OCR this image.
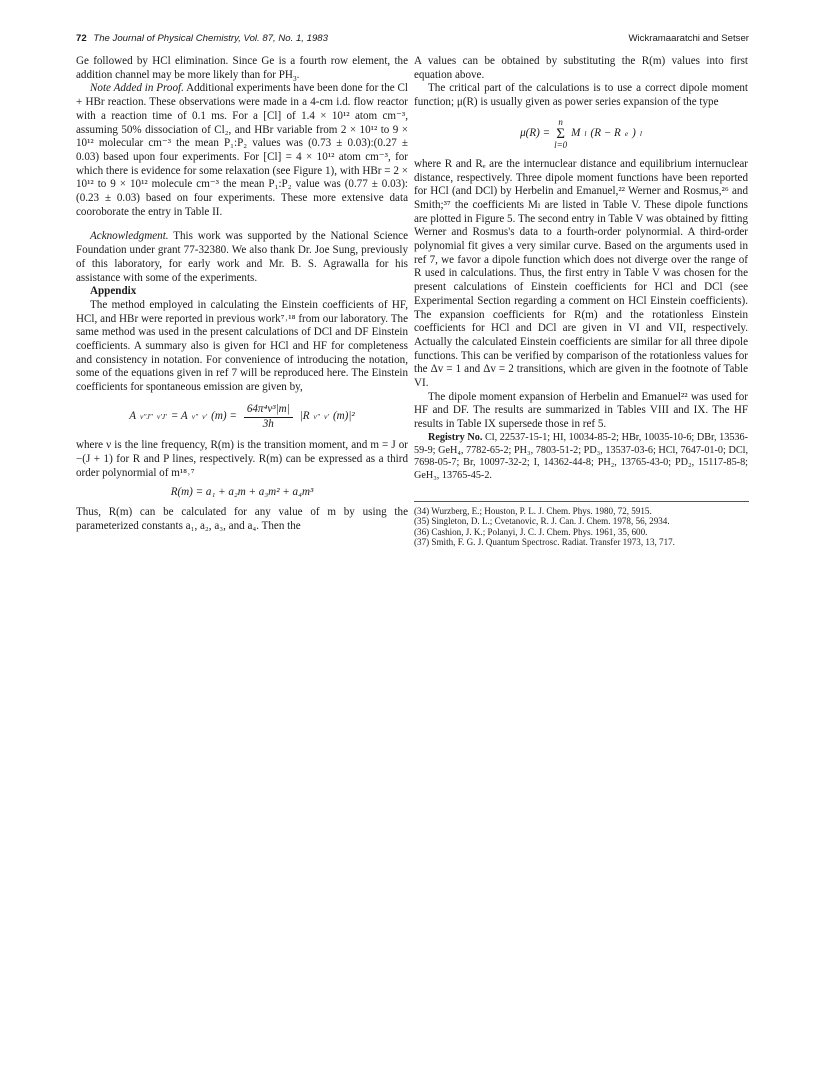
72 The Journal of Physical Chemistry, Vol. 87, No. 1, 1983	Wickramaaratchi and Setser

Ge followed by HCl elimination. Since Ge is a fourth row element, the addition channel may be more likely than for $PH_3$.

Note Added in Proof. Additional experiments have been done for the Cl + HBr reaction. These observations were made in a 4-cm i.d. flow reactor with a reaction time of 0.1 ms. For a [Cl] of 1.4 × 10¹² atom cm⁻³, assuming 50% dissociation of Cl₂, and HBr variable from 2 × 10¹² to 9 × 10¹² molecular cm⁻³ the mean P₁:P₂ values was (0.73 ± 0.03):(0.27 ± 0.03) based upon four experiments. For [Cl] = 4 × 10¹² atom cm⁻³, for which there is evidence for some relaxation (see Figure 1), with HBr = 2 × 10¹² to 9 × 10¹² molecule cm⁻³ the mean P₁:P₂ value was (0.77 ± 0.03):(0.23 ± 0.03) based on four experiments. These more extensive data cooroborate the entry in Table II.

Acknowledgment. This work was supported by the National Science Foundation under grant 77-32380. We also thank Dr. Joe Sung, previously of this laboratory, for early work and Mr. B. S. Agrawalla for his assistance with some of the experiments.

Appendix

The method employed in calculating the Einstein coefficients of HF, HCl, and HBr were reported in previous work⁷˒¹⁸ from our laboratory. The same method was used in the present calculations of DCl and DF Einstein coefficients. A summary also is given for HCl and HF for completeness and consistency in notation. For convenience of introducing the notation, some of the equations given in ref 7 will be reproduced here. The Einstein coefficients for spontaneous emission are given by,

A v″J″ v′J′ = A v″ v′ $(m) = \frac{\text{64π⁴ν³|m|}}{3h} |R$ v″ v′ (m)|²

where ν is the line frequency, R(m) is the transition moment, and m = J or −(J + 1) for R and P lines, respectively. R(m) can be expressed as a third order polynormial of m¹⁸˒⁷

R(m) = a₁ + a₂m + a₃m² + a₄m³

Thus, R(m) can be calculated for any value of m by using the parameterized constants a₁, a₂, a₃, and a₄. Then the

A values can be obtained by substituting the R(m) values into first equation above.

The critical part of the calculations is to use a correct dipole moment function; μ(R) is usually given as power series expansion of the type

μ(R) =
n
Σ
l=0
M l (R − R e ) l

where R and Rₑ are the internuclear distance and equilibrium internuclear distance, respectively. Three dipole moment functions have been reported for HCl (and DCl) by Herbelin and Emanuel,²² Werner and Rosmus,²⁶ and Smith;³⁷ the coefficients Mₗ are listed in Table V. These dipole functions are plotted in Figure 5. The second entry in Table V was obtained by fitting Werner and Rosmus's data to a fourth-order polynormial. A third-order polynomial fit gives a very similar curve. Based on the arguments used in ref 7, we favor a dipole function which does not diverge over the range of R used in calculations. Thus, the first entry in Table V was chosen for the present calculations of Einstein coefficients for HCl and DCl (see Experimental Section regarding a comment on HCl Einstein coefficients). The expansion coefficients for R(m) and the rotationless Einstein coefficients for HCl and DCl are given in VI and VII, respectively. Actually the calculated Einstein coefficients are similar for all three dipole functions. This can be verified by comparison of the rotationless values for the Δv = 1 and Δv = 2 transitions, which are given in the footnote of Table VI.

The dipole moment expansion of Herbelin and Emanuel²² was used for HF and DF. The results are summarized in Tables VIII and IX. The HF results in Table IX supersede those in ref 5.

Registry No. Cl, 22537-15-1; HI, 10034-85-2; HBr, 10035-10-6; DBr, 13536-59-9; GeH₄, 7782-65-2; PH₃, 7803-51-2; PD₃, 13537-03-6; HCl, 7647-01-0; DCl, 7698-05-7; Br, 10097-32-2; I, 14362-44-8; PH₂, 13765-43-0; PD₂, 15117-85-8; GeH₃, 13765-45-2.

(34) Wurzberg, E.; Houston, P. L. J. Chem. Phys. 1980, 72, 5915.
(35) Singleton, D. L.; Cvetanovic, R. J. Can. J. Chem. 1978, 56, 2934.
(36) Cashion, J. K.; Polanyi, J. C. J. Chem. Phys. 1961, 35, 600.
(37) Smith, F. G. J. Quantum Spectrosc. Radiat. Transfer 1973, 13, 717.
